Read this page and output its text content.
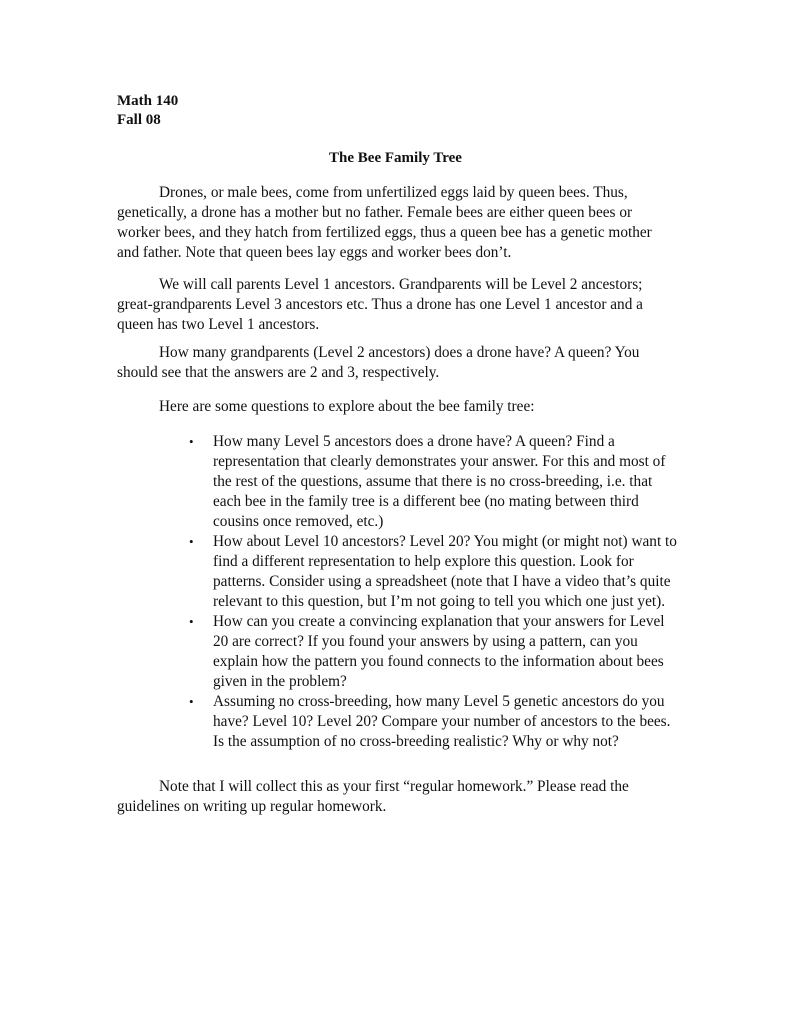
Math 140
Fall 08
The Bee Family Tree
Drones, or male bees, come from unfertilized eggs laid by queen bees. Thus, genetically, a drone has a mother but no father. Female bees are either queen bees or worker bees, and they hatch from fertilized eggs, thus a queen bee has a genetic mother and father. Note that queen bees lay eggs and worker bees don’t.
We will call parents Level 1 ancestors. Grandparents will be Level 2 ancestors; great-grandparents Level 3 ancestors etc. Thus a drone has one Level 1 ancestor and a queen has two Level 1 ancestors.
How many grandparents (Level 2 ancestors) does a drone have? A queen? You should see that the answers are 2 and 3, respectively.
Here are some questions to explore about the bee family tree:
• How many Level 5 ancestors does a drone have? A queen? Find a representation that clearly demonstrates your answer. For this and most of the rest of the questions, assume that there is no cross-breeding, i.e. that each bee in the family tree is a different bee (no mating between third cousins once removed, etc.)
• How about Level 10 ancestors? Level 20? You might (or might not) want to find a different representation to help explore this question. Look for patterns. Consider using a spreadsheet (note that I have a video that’s quite relevant to this question, but I’m not going to tell you which one just yet).
• How can you create a convincing explanation that your answers for Level 20 are correct? If you found your answers by using a pattern, can you explain how the pattern you found connects to the information about bees given in the problem?
• Assuming no cross-breeding, how many Level 5 genetic ancestors do you have? Level 10? Level 20? Compare your number of ancestors to the bees. Is the assumption of no cross-breeding realistic? Why or why not?
Note that I will collect this as your first “regular homework.” Please read the guidelines on writing up regular homework.
